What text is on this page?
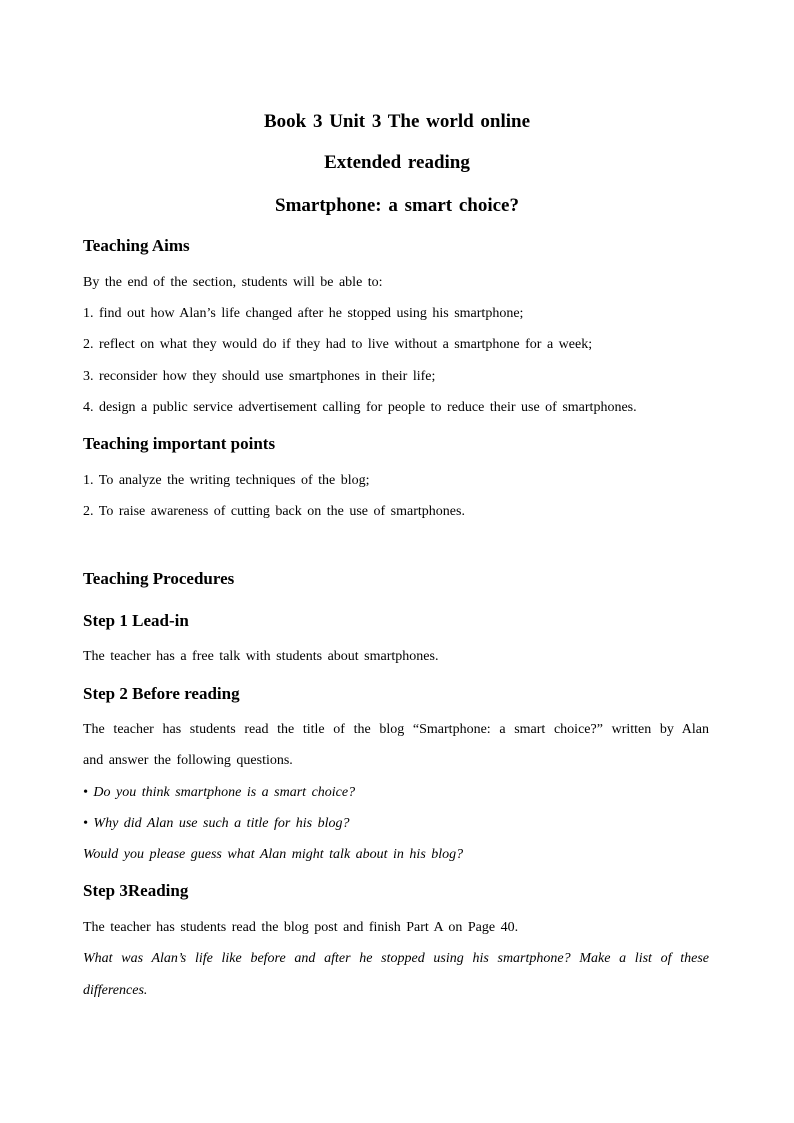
Book 3 Unit 3 The world online
Extended reading
Smartphone: a smart choice?
Teaching Aims
By the end of the section, students will be able to:
1. find out how Alan’s life changed after he stopped using his smartphone;
2. reflect on what they would do if they had to live without a smartphone for a week;
3. reconsider how they should use smartphones in their life;
4. design a public service advertisement calling for people to reduce their use of smartphones.
Teaching important points
1. To analyze the writing techniques of the blog;
2. To raise awareness of cutting back on the use of smartphones.
Teaching Procedures
Step 1 Lead-in
The teacher has a free talk with students about smartphones.
Step 2 Before reading
The teacher has students read the title of the blog “Smartphone: a smart choice?” written by Alan
and answer the following questions.
• Do you think smartphone is a smart choice?
• Why did Alan use such a title for his blog?
Would you please guess what Alan might talk about in his blog?
Step 3Reading
The teacher has students read the blog post and finish Part A on Page 40.
What was Alan’s life like before and after he stopped using his smartphone? Make a list of these
differences.
